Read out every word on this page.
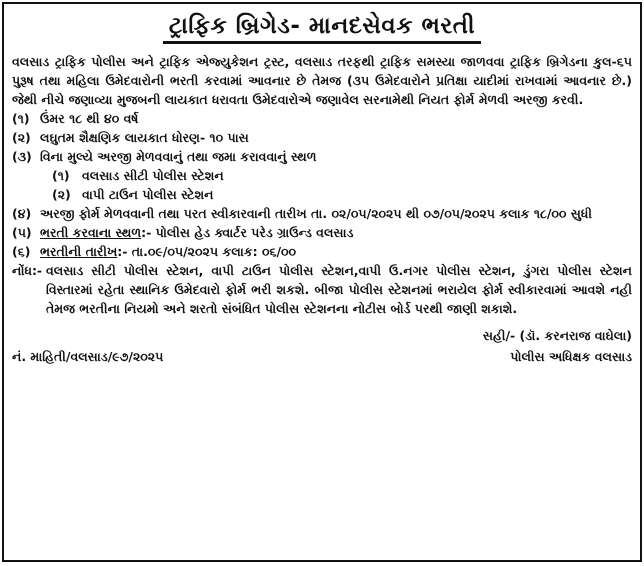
ટ્રાફિક બ્રિગેડ- માનદસેવક ભરતી
વલસાડ ટ્રાફિક પોલીસ અને ટ્રાફિક એજ્યુકેશન ટ્રસ્ટ, વલસાડ તરફથી ટ્રાફિક સમસ્યા જાળવવા ટ્રાફિક બ્રિગેડના કુલ-૬૫ પુરૂષ તથા મહિલા ઉમેદવારોની ભરતી કરવામાં આવનાર છે તેમજ (૩૫ ઉમેદવારોને પ્રતિક્ષા યાદીમાં રાખવામાં આવનાર છે.) જેથી નીચે જણાવ્યા મુજબની લાયકાત ધરાવતા ઉમેદવારોએ જણાવેલ સરનામેથી નિયત ફોર્મ મેળવી અરજી કરવી.
(૧) ઉંમર ૧૮ થી ૪૦ વર્ષ
(૨) લઘુતમ શૈક્ષણિક લાયકાત ધોરણ- ૧૦ પાસ
(૩) વિના મુલ્યે અરજી મેળવવાનું તથા જમા કરાવવાનું સ્થળ
(૧) વલસાડ સીટી પોલીસ સ્ટેશન
(૨) વાપી ટાઉન પોલીસ સ્ટેશન
(૪) અરજી ફોર્મ મેળવવાની તથા પરત સ્વીકારવાની તારીખ તા. ૦૨/૦૫/૨૦૨૫ થી ૦૭/૦૫/૨૦૨૫ કલાક ૧૮/૦૦ સુધી
(૫) ભરતી કરવાના સ્થળ:- પોલીસ હેડ ક્વાર્ટર પરેડ ગ્રાઉન્ડ વલસાડ
(૬) ભરતીની તારીખ:- તા.૦૯/૦૫/૨૦૨૫ કલાક: ૦૬/૦૦
નોંધ:- વલસાડ સીટી પોલીસ સ્ટેશન, વાપી ટાઉન પોલીસ સ્ટેશન,વાપી ઉ.નગર પોલીસ સ્ટેશન, ડુંગરા પોલીસ સ્ટેશન વિસ્તારમાં રહેતા સ્થાનિક ઉમેદવારો ફોર્મ ભરી શકશે. બીજા પોલીસ સ્ટેશનમાં ભરાયેલ ફોર્મ સ્વીકારવામાં આવશે નહી તેમજ ભરતીના નિયમો અને શરતો સંબંધિત પોલીસ સ્ટેશનના નોટીસ બોર્ડ પરથી જાણી શકાશે.
સહી/- (ડૉ. કરનરાજ વાઘેલા)
નં. માહિતી/વલસાડ/૯૭/૨૦૨૫	પોલીસ અધિક્ષક વલસાડ
